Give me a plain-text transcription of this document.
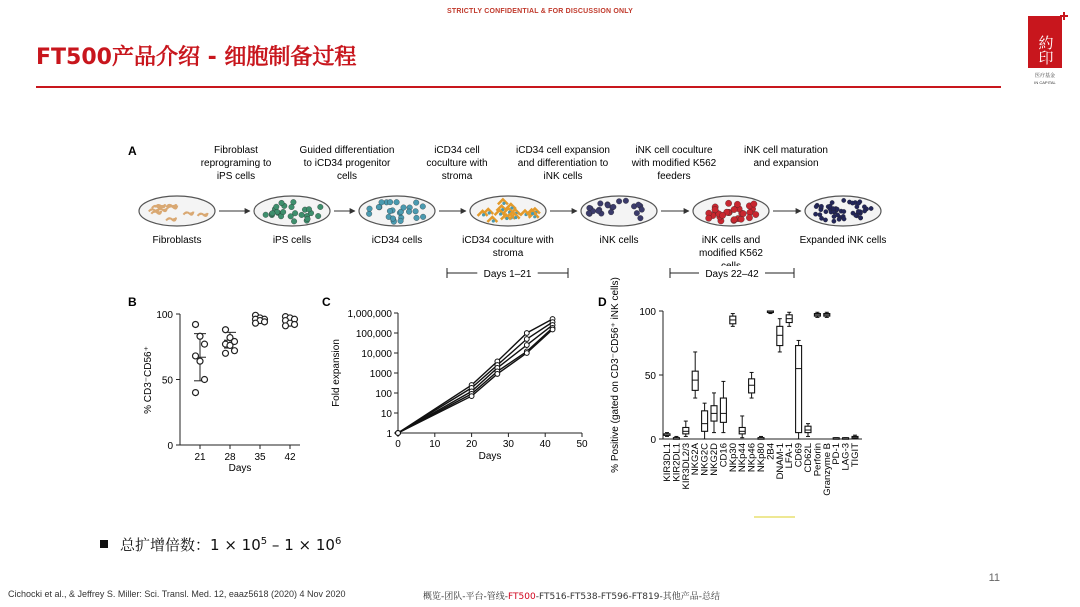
STRICTLY CONFIDENTIAL & FOR DISCUSSION ONLY
FT500产品介绍 - 细胞制备过程	約印
医疗基金
IN CAPITAL
A
Fibroblasts
Fibroblast reprograming to iPS cells
iPS cells
Guided differentiation to iCD34 progenitor cells
iCD34 cells
iCD34 cell coculture with stroma
iCD34 coculture with stroma
iCD34 cell expansion and differentiation to iNK cells
iNK cells
iNK cell coculture with modified K562 feeders
iNK cells and modified K562
iNK cell maturation and expansion
Expanded iNK cells
Days 1–21	Days 22–42
B
0
50
100
21 28 35 42
Days
% CD3⁻CD56⁺
C
1
10
100
1000
10,000
100,000
1,000,000
0	10	20	30	40	50
Days
Fold expansion
D
0
50
100
KIR3DL1
KIR2DL1
KIR3DL2/3
NKG2A
NKG2C
NKG2D
CD16
NKp30
NKp44
NKp46
NKp80
2B4
DNAM-1
LFA-1
CD69
CD62L
Perforin
Granzyme B
PD-1
LAG-3
TIGIT
% Positive (gated on CD3⁻CD56⁺ iNK cells)
总扩增倍数：$1 \times 10^5 - 1 \times 10^6$
11
Cichocki et al., & Jeffrey S. Miller: Sci. Transl. Med. 12, eaaz5618 (2020) 4 Nov 2020	概览-团队-平台-管线-FT500-FT516-FT538-FT596-FT819-其他产品-总结
